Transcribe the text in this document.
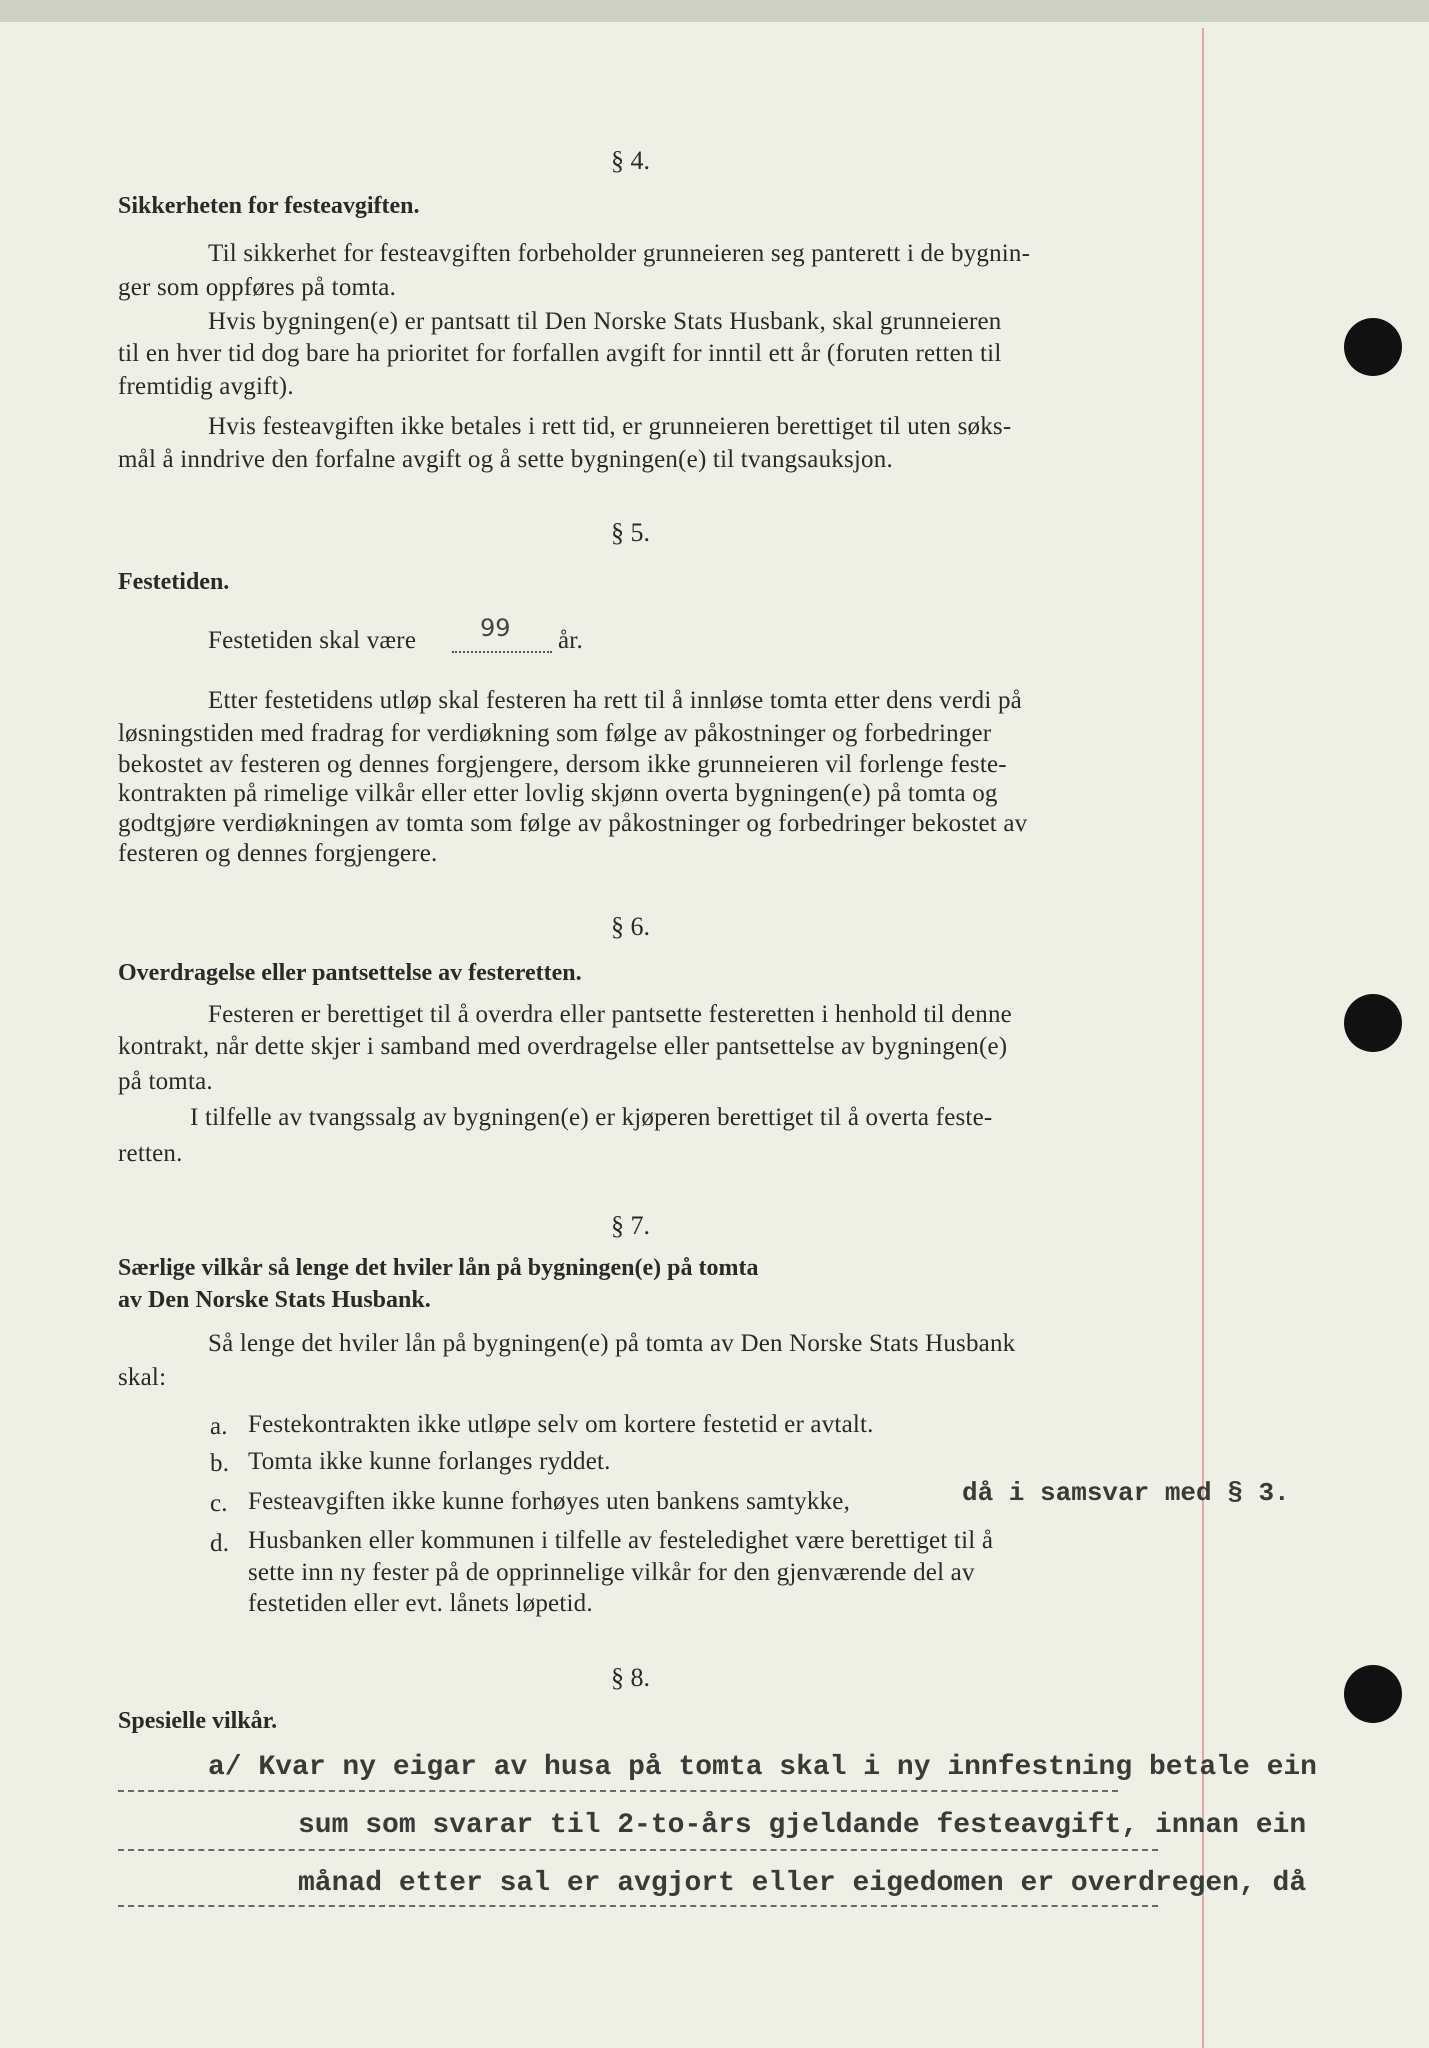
§ 4.
Sikkerheten for festeavgiften.
Til sikkerhet for festeavgiften forbeholder grunneieren seg panterett i de bygnin-
ger som oppføres på tomta.
Hvis bygningen(e) er pantsatt til Den Norske Stats Husbank, skal grunneieren
til en hver tid dog bare ha prioritet for forfallen avgift for inntil ett år (foruten retten til
fremtidig avgift).
Hvis festeavgiften ikke betales i rett tid, er grunneieren berettiget til uten søks-
mål å inndrive den forfalne avgift og å sette bygningen(e) til tvangsauksjon.
§ 5.
Festetiden.
Festetiden skal være	99 år.
Etter festetidens utløp skal festeren ha rett til å innløse tomta etter dens verdi på
løsningstiden med fradrag for verdiøkning som følge av påkostninger og forbedringer
bekostet av festeren og dennes forgjengere, dersom ikke grunneieren vil forlenge feste-
kontrakten på rimelige vilkår eller etter lovlig skjønn overta bygningen(e) på tomta og
godtgjøre verdiøkningen av tomta som følge av påkostninger og forbedringer bekostet av
festeren og dennes forgjengere.
§ 6.
Overdragelse eller pantsettelse av festeretten.
Festeren er berettiget til å overdra eller pantsette festeretten i henhold til denne
kontrakt, når dette skjer i samband med overdragelse eller pantsettelse av bygningen(e)
på tomta.
I tilfelle av tvangssalg av bygningen(e) er kjøperen berettiget til å overta feste-
retten.
§ 7.
Særlige vilkår så lenge det hviler lån på bygningen(e) på tomta
av Den Norske Stats Husbank.
Så lenge det hviler lån på bygningen(e) på tomta av Den Norske Stats Husbank
skal:
a. Festekontrakten ikke utløpe selv om kortere festetid er avtalt.
b. Tomta ikke kunne forlanges ryddet.
c. Festeavgiften ikke kunne forhøyes uten bankens samtykke,	då i samsvar med § 3.
d. Husbanken eller kommunen i tilfelle av festeledighet være berettiget til å
sette inn ny fester på de opprinnelige vilkår for den gjenværende del av
festetiden eller evt. lånets løpetid.
§ 8.
Spesielle vilkår.
a/ Kvar ny eigar av husa på tomta skal i ny innfestning betale ein
sum som svarar til 2-to-års gjeldande festeavgift, innan ein
månad etter sal er avgjort eller eigedomen er overdregen, då
